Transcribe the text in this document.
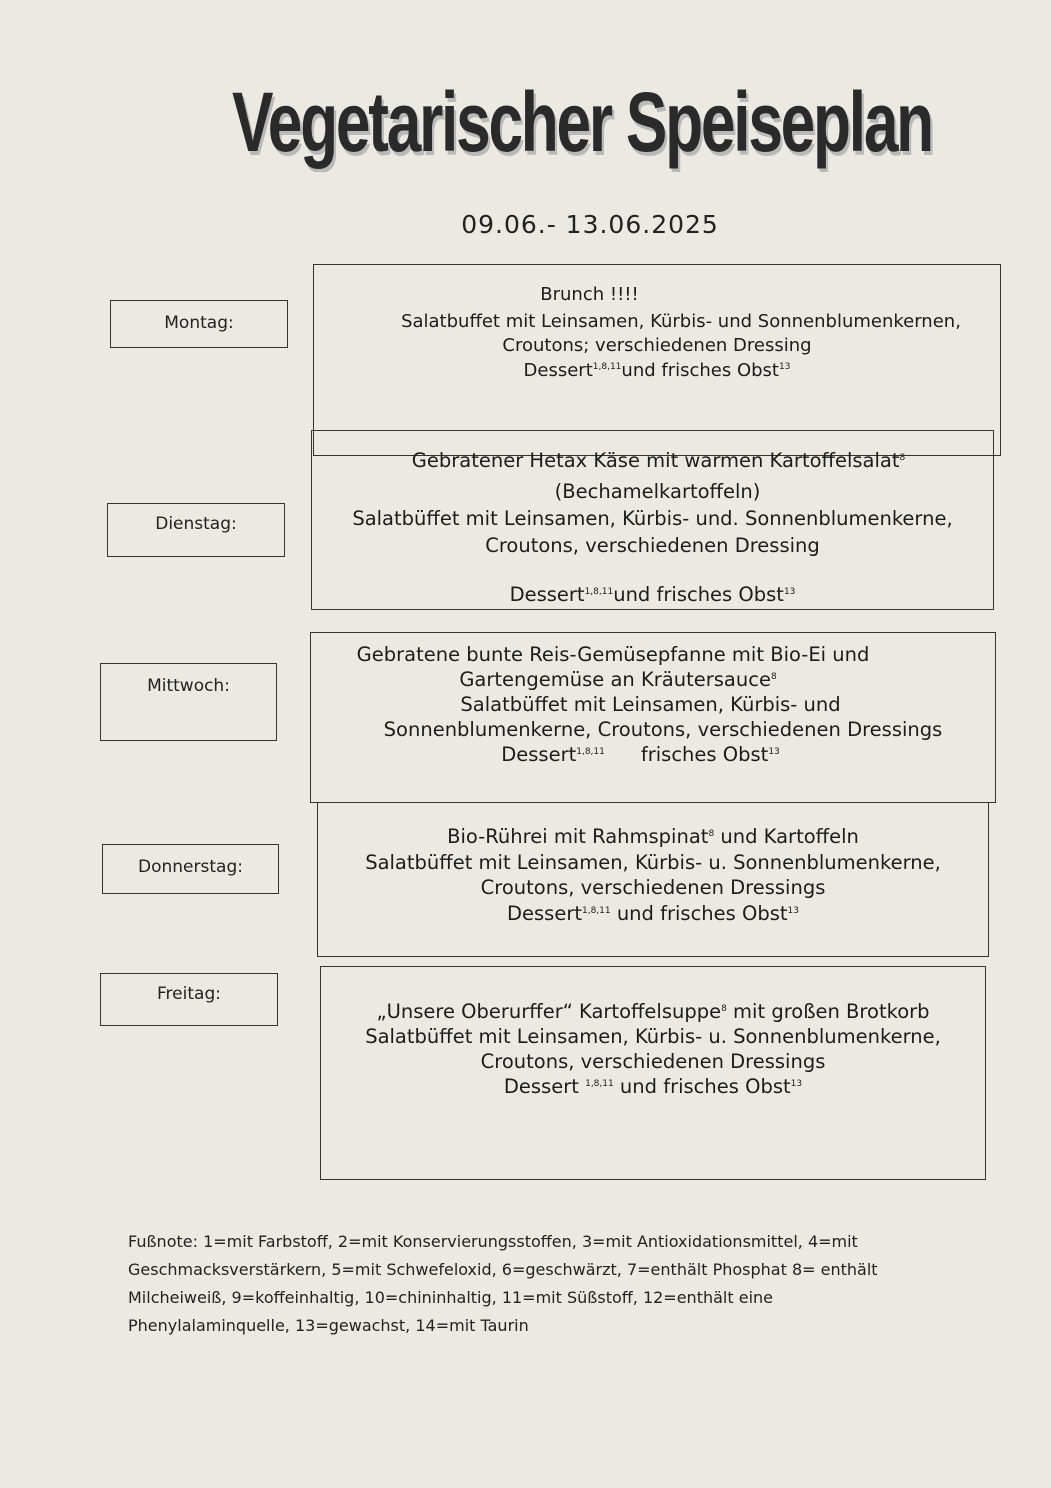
Vegetarischer Speiseplan
09.06.- 13.06.2025
Montag:
Dienstag:
Mittwoch:
Donnerstag:
Freitag:
Brunch !!!!
Salatbuffet mit Leinsamen, Kürbis- und Sonnenblumenkernen,
Croutons; verschiedenen Dressing
Dessert$^{1,8,11}$und frisches Obst$^{13}$
Gebratener Hetax Käse mit warmen Kartoffelsalat$^8$
(Bechamelkartoffeln)
Salatbüffet mit Leinsamen, Kürbis- und. Sonnenblumenkerne,
Croutons, verschiedenen Dressing
Dessert$^{1,8,11}$und frisches Obst$^{13}$
Gebratene bunte Reis-Gemüsepfanne mit Bio-Ei und
Gartengemüse an Kräutersauce$^8$
Salatbüffet mit Leinsamen, Kürbis- und
Sonnenblumenkerne, Croutons, verschiedenen Dressings
Dessert$^{1,8,11}$ frisches Obst$^{13}$
Bio-Rührei mit Rahmspinat$^8$ und Kartoffeln
Salatbüffet mit Leinsamen, Kürbis- u. Sonnenblumenkerne,
Croutons, verschiedenen Dressings
Dessert$^{1,8,11}$ und frisches Obst$^{13}$
„Unsere Oberurffer“ Kartoffelsuppe$^8$ mit großen Brotkorb
Salatbüffet mit Leinsamen, Kürbis- u. Sonnenblumenkerne,
Croutons, verschiedenen Dressings
Dessert $^{1,8,11}$ und frisches Obst$^{13}$
Fußnote: 1=mit Farbstoff, 2=mit Konservierungsstoffen, 3=mit Antioxidationsmittel, 4=mit
Geschmacksverstärkern, 5=mit Schwefeloxid, 6=geschwärzt, 7=enthält Phosphat 8= enthält
Milcheiweiß, 9=koffeinhaltig, 10=chininhaltig, 11=mit Süßstoff, 12=enthält eine
Phenylalaminquelle, 13=gewachst, 14=mit Taurin
